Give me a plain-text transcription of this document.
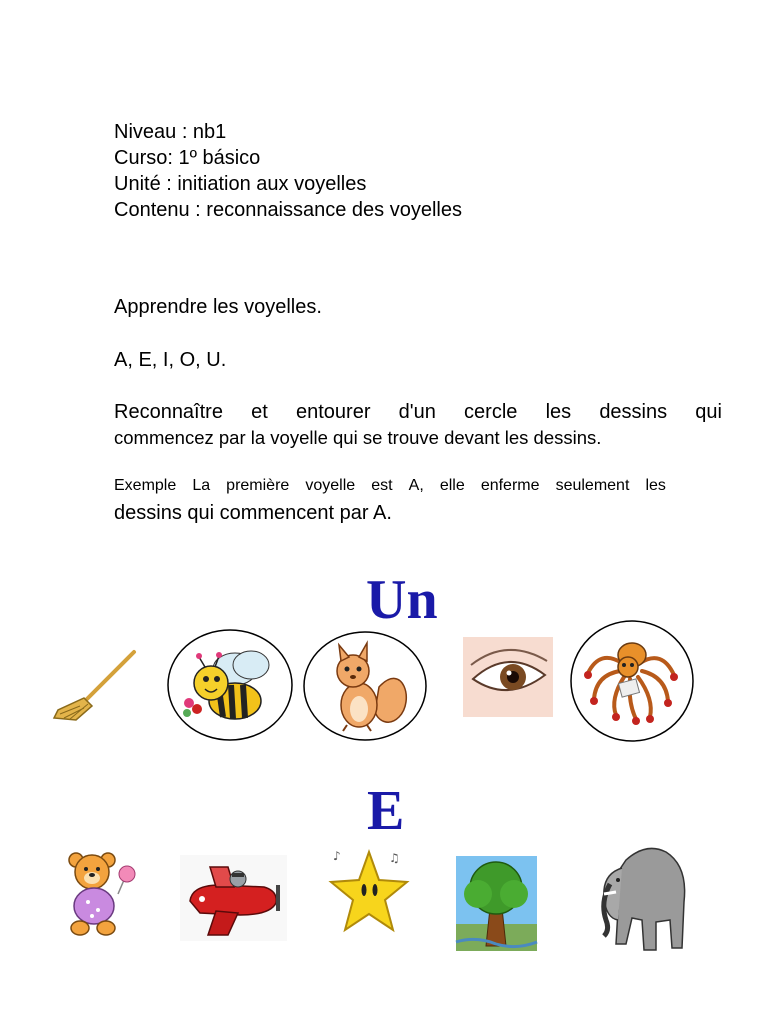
Niveau : nb1
Curso: 1º básico
Unité : initiation aux voyelles
Contenu : reconnaissance des voyelles
Apprendre les voyelles.
A, E, I, O, U.
Reconnaître et entourer d'un cercle les dessins qui
commencez par la voyelle qui se trouve devant les dessins.
Exemple La première voyelle est A, elle enferme seulement les
dessins qui commencent par A.
Un
E
♪	♫
